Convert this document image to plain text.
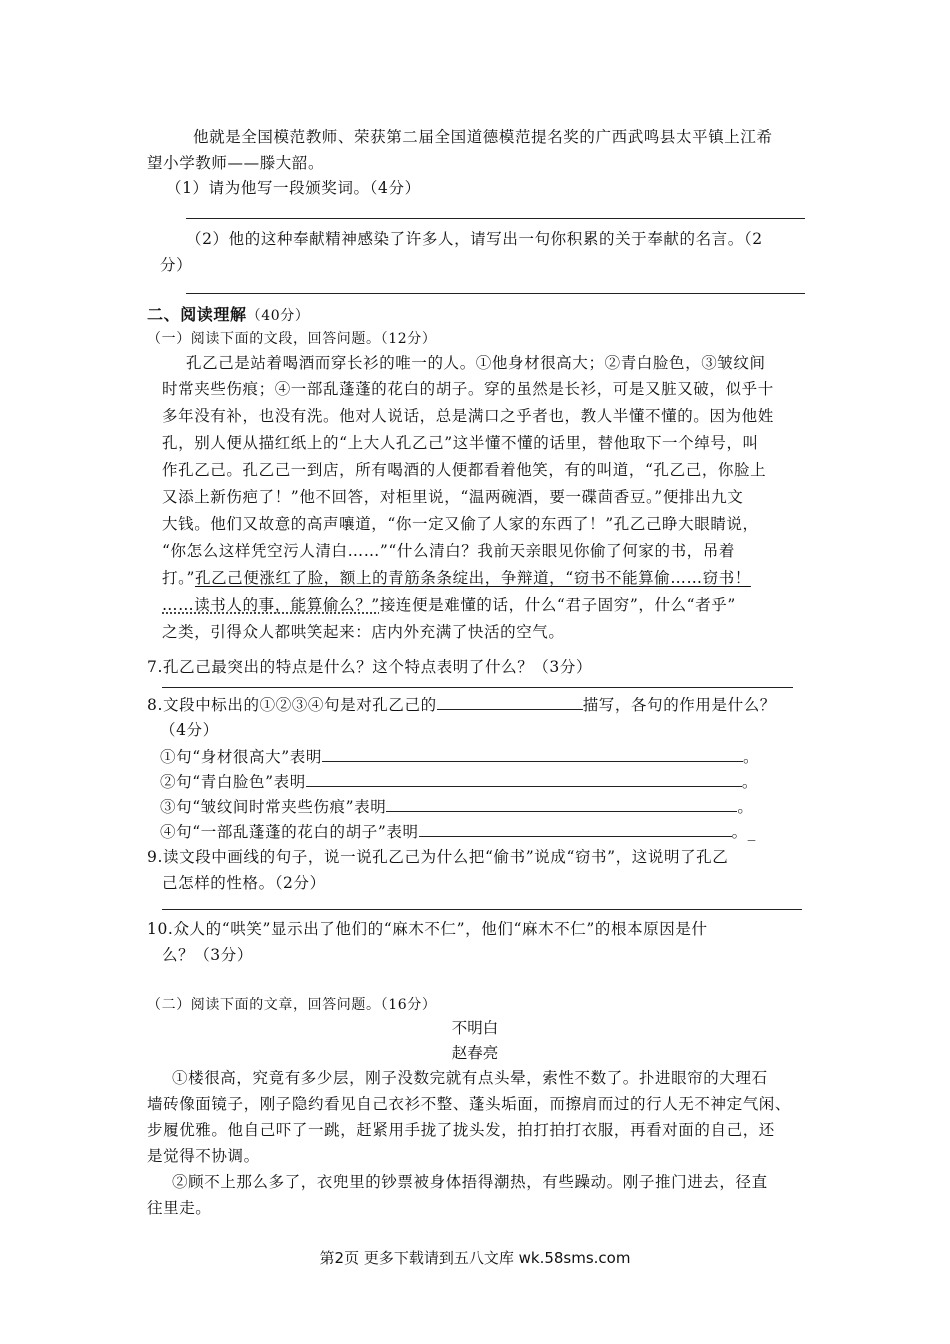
他就是全国模范教师、荣获第二届全国道德模范提名奖的广西武鸣县太平镇上江希
望小学教师——滕大韶。
（1）请为他写一段颁奖词。（4分）
（2）他的这种奉献精神感染了许多人，请写出一句你积累的关于奉献的名言。（2
分）
二、阅读理解（40分）
（一）阅读下面的文段，回答问题。（12分）
孔乙己是站着喝酒而穿长衫的唯一的人。①他身材很高大；②青白脸色，③皱纹间
时常夹些伤痕；④一部乱蓬蓬的花白的胡子。穿的虽然是长衫，可是又脏又破，似乎十
多年没有补，也没有洗。他对人说话，总是满口之乎者也，教人半懂不懂的。因为他姓
孔，别人便从描红纸上的“上大人孔乙己”这半懂不懂的话里，替他取下一个绰号，叫
作孔乙己。孔乙己一到店，所有喝酒的人便都看着他笑，有的叫道，“孔乙己，你脸上
又添上新伤疤了！”他不回答，对柜里说，“温两碗酒，要一碟茴香豆。”便排出九文
大钱。他们又故意的高声嚷道，“你一定又偷了人家的东西了！”孔乙己睁大眼睛说，
“你怎么这样凭空污人清白……”“什么清白？我前天亲眼见你偷了何家的书，吊着
打。”孔乙己便涨红了脸，额上的青筋条条绽出，争辩道，“窃书不能算偷……窃书！
……读书人的事，能算偷么？”接连便是难懂的话，什么“君子固穷”，什么“者乎”
之类，引得众人都哄笑起来：店内外充满了快活的空气。
7.孔乙己最突出的特点是什么？这个特点表明了什么？（3分）
8.文段中标出的①②③④句是对孔乙己的	描写，各句的作用是什么？
（4分）
①句“身材很高大”表明	。
②句“青白脸色”表明	。
③句“皱纹间时常夹些伤痕”表明	。
④句“一部乱蓬蓬的花白的胡子”表明	。_
9.读文段中画线的句子，说一说孔乙己为什么把“偷书”说成“窃书”，这说明了孔乙
己怎样的性格。（2分）
10.众人的“哄笑”显示出了他们的“麻木不仁”，他们“麻木不仁”的根本原因是什
么？（3分）
（二）阅读下面的文章，回答问题。（16分）
不明白
赵春亮
①楼很高，究竟有多少层，刚子没数完就有点头晕，索性不数了。扑进眼帘的大理石
墙砖像面镜子，刚子隐约看见自己衣衫不整、蓬头垢面，而擦肩而过的行人无不神定气闲、
步履优雅。他自己吓了一跳，赶紧用手拢了拢头发，拍打拍打衣服，再看对面的自己，还
是觉得不协调。
②顾不上那么多了，衣兜里的钞票被身体捂得潮热，有些躁动。刚子推门进去，径直
往里走。
第2页 更多下载请到五八文库 wk.58sms.com
